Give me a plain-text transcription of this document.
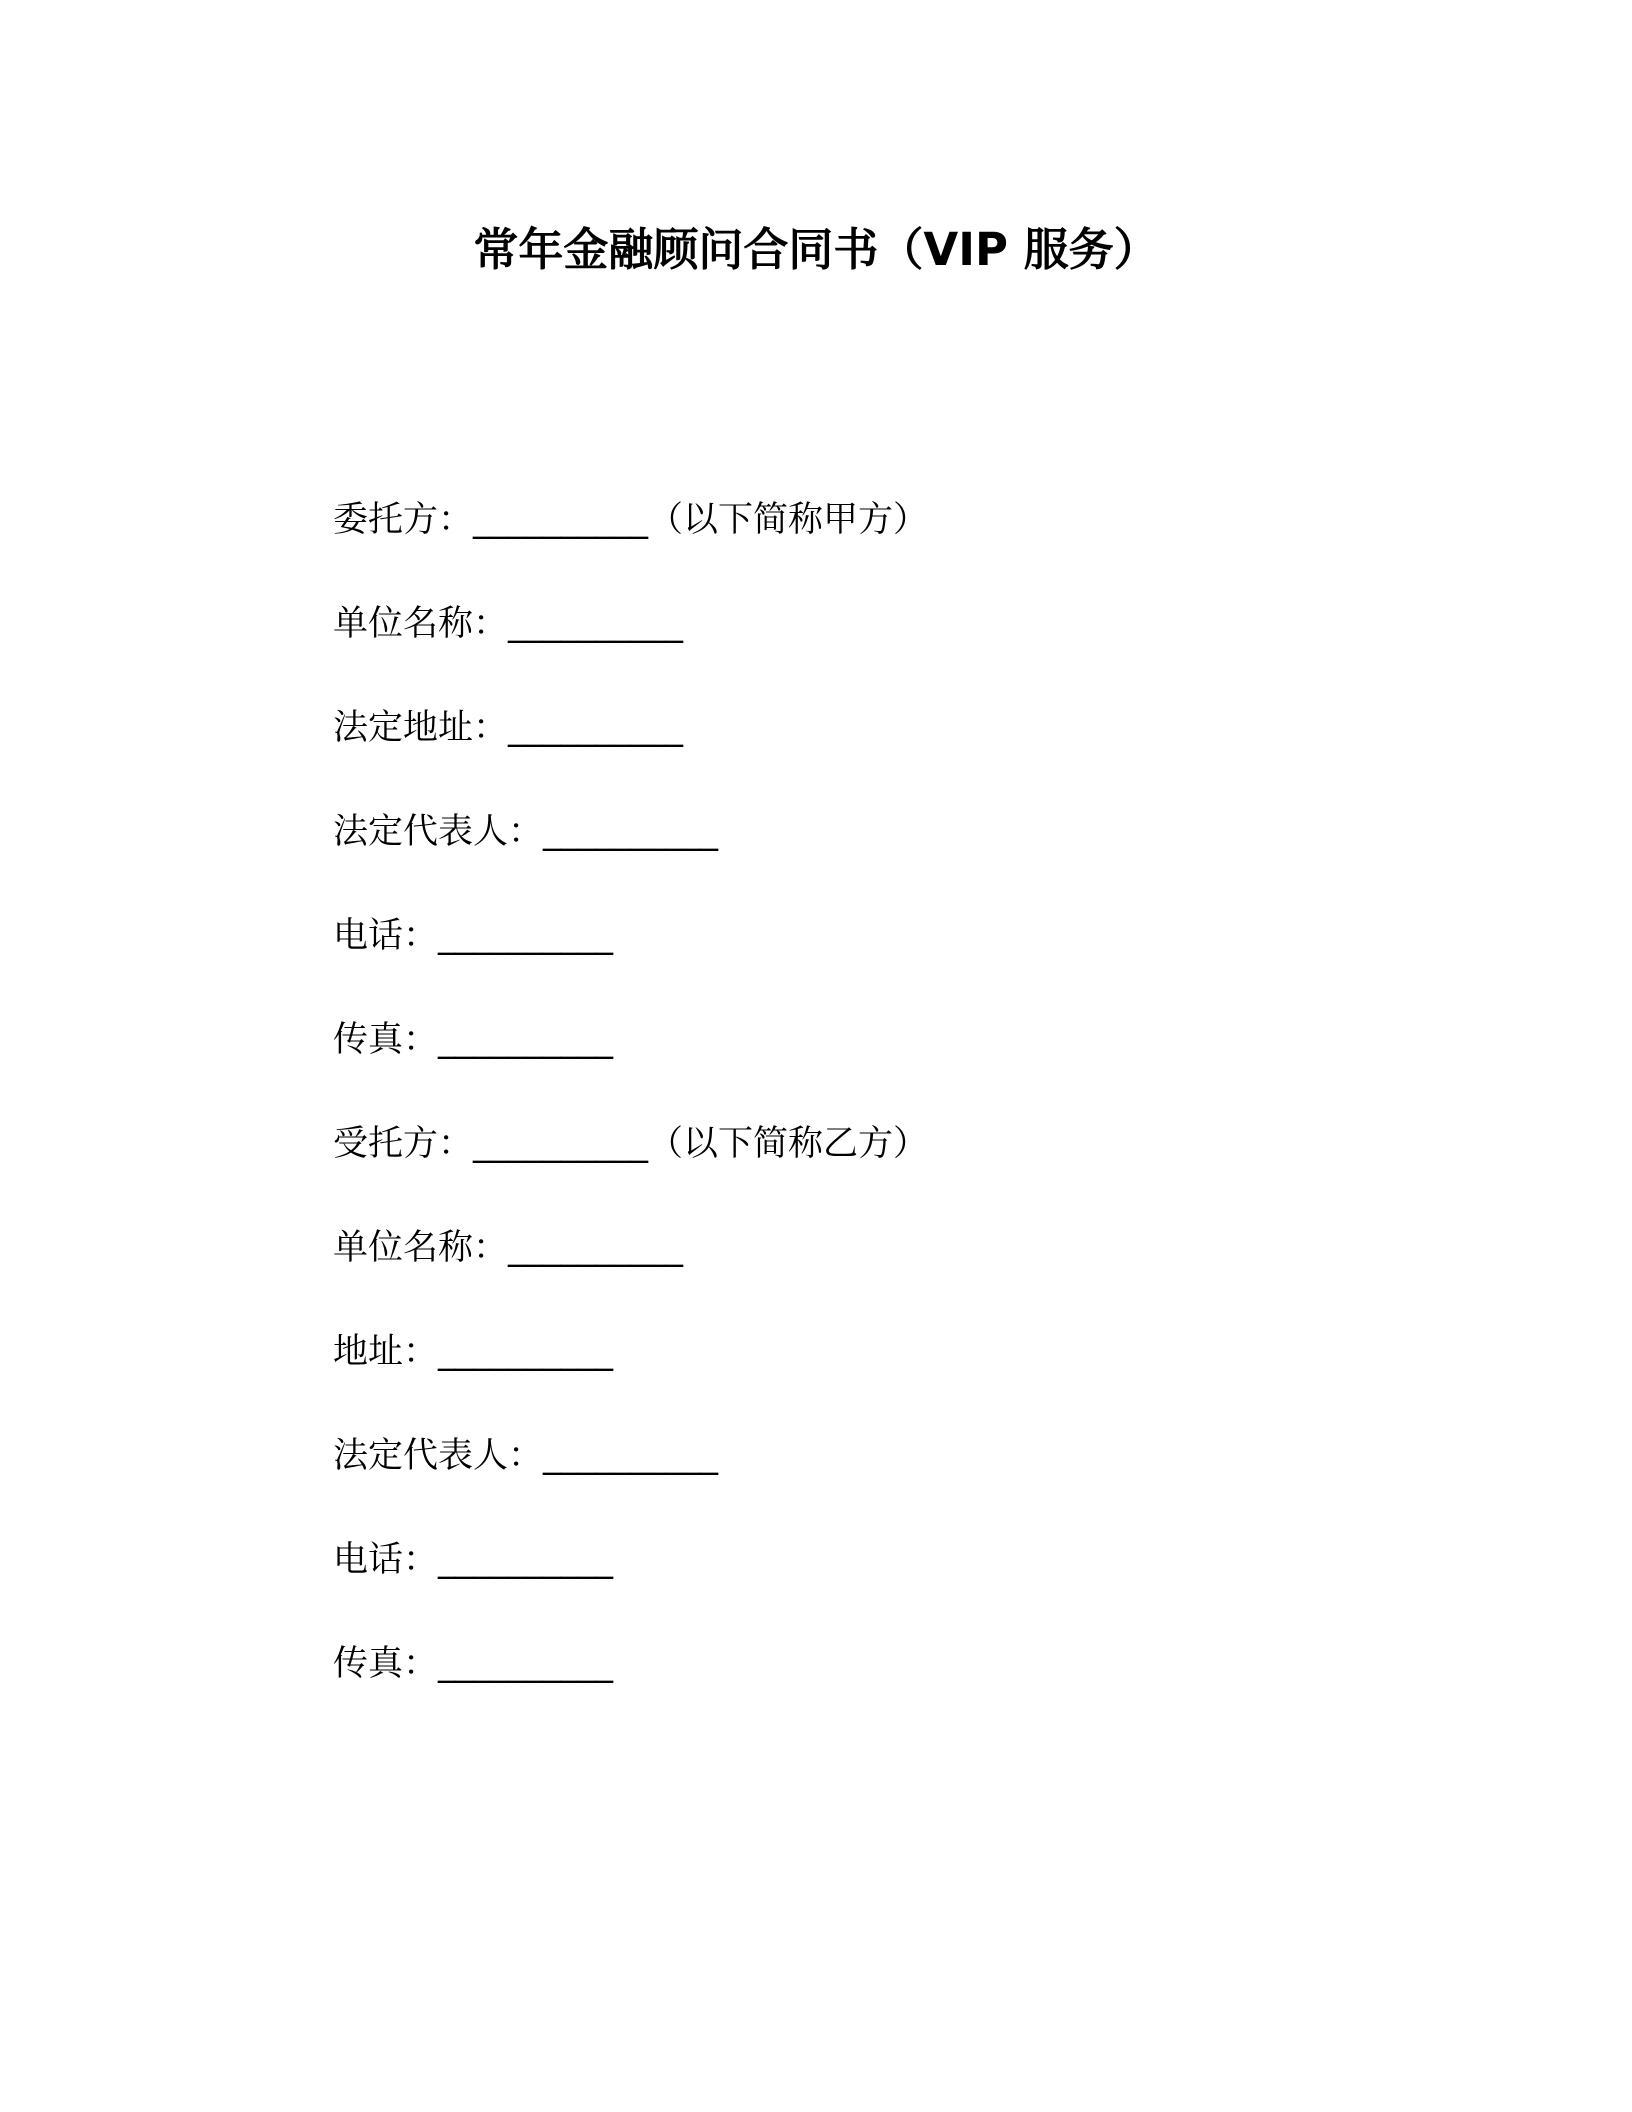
常年金融顾问合同书（VIP 服务）
委托方：__________（以下简称甲方）
单位名称：__________
法定地址：__________
法定代表人：__________
电话：__________
传真：__________
受托方：__________（以下简称乙方）
单位名称：__________
地址：__________
法定代表人：__________
电话：__________
传真：__________
